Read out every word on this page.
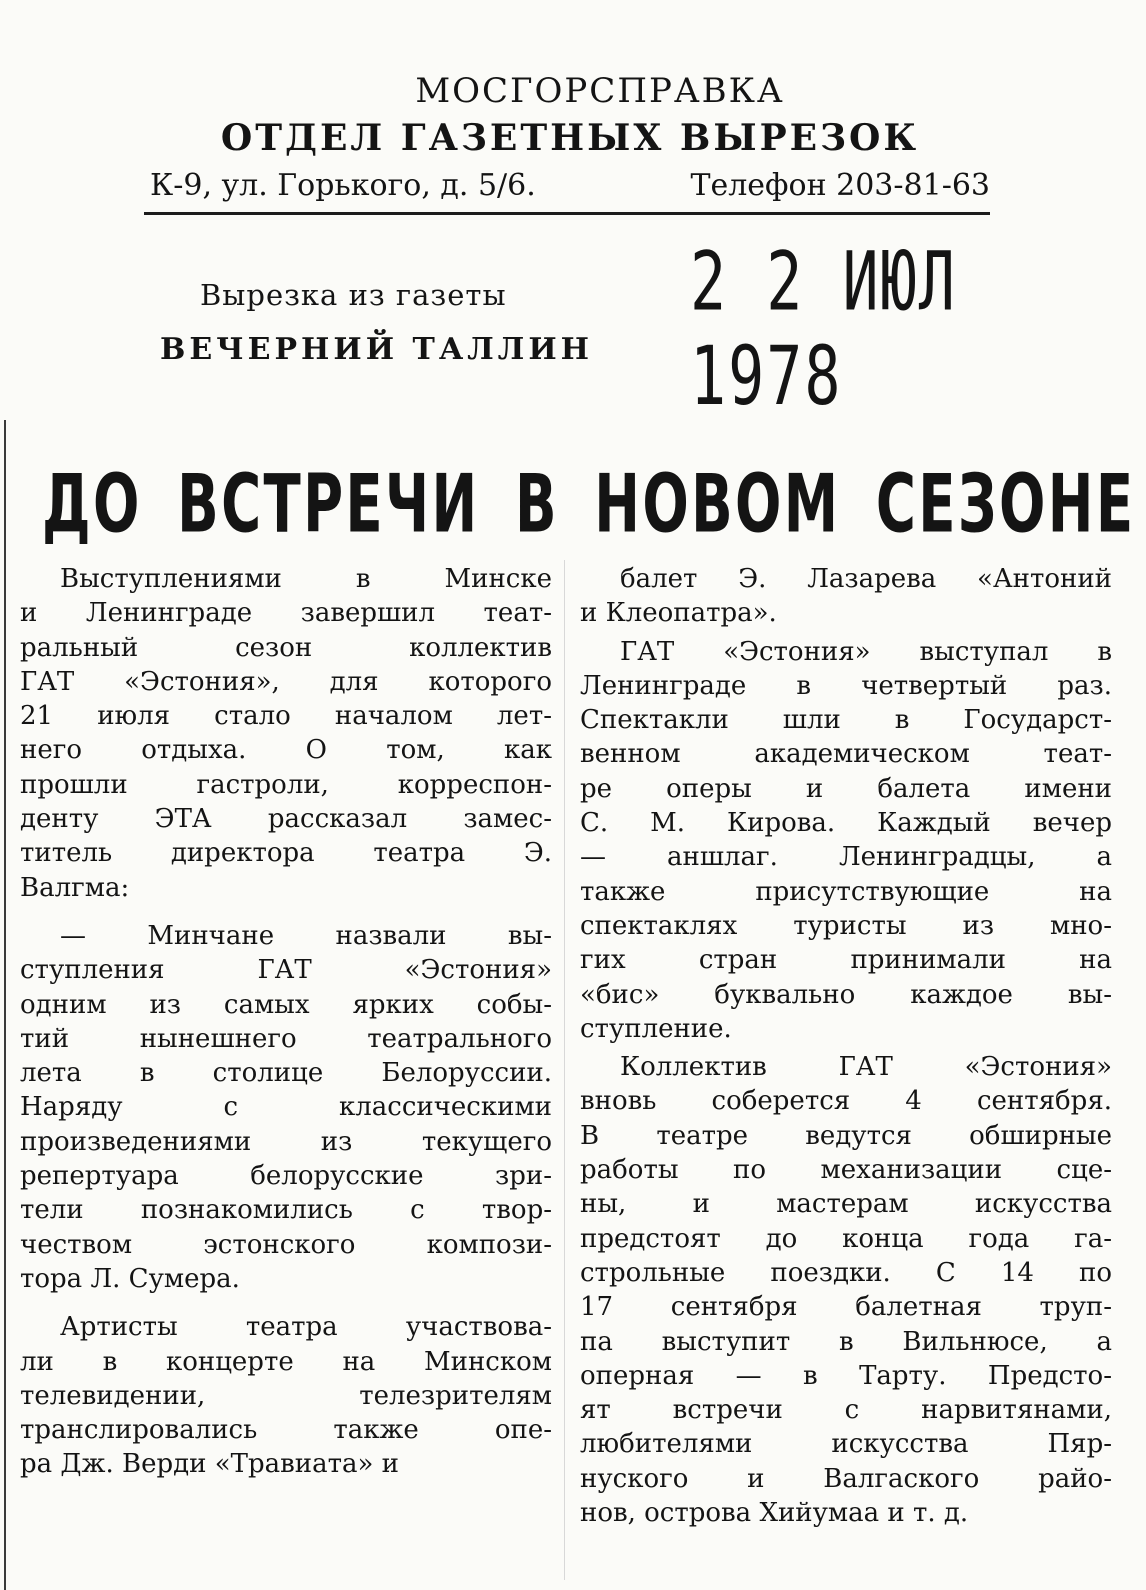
МОСГОРСПРАВКА
ОТДЕЛ ГАЗЕТНЫХ ВЫРЕЗОК
К-9, ул. Горького, д. 5/6.	Телефон 203-81-63
2 2 ИЮЛ 1978
Вырезка из газеты
ВЕЧЕРНИЙ ТАЛЛИН
ДО ВСТРЕЧИ В НОВОМ СЕЗОНЕ
Выступлениями в Минске
и Ленинграде завершил теат-
ральный сезон коллектив
ГАТ «Эстония», для которого
21 июля стало началом лет-
него отдыха. О том, как
прошли гастроли, корреспон-
денту ЭТА рассказал замес-
титель директора театра Э.
Валгма:
— Минчане назвали вы-
ступления ГАТ «Эстония»
одним из самых ярких собы-
тий нынешнего театрального
лета в столице Белоруссии.
Наряду с классическими
произведениями из текущего
репертуара белорусские зри-
тели познакомились с твор-
чеством эстонского компози-
тора Л. Сумера.
Артисты театра участвова-
ли в концерте на Минском
телевидении, телезрителям
транслировались также опе-
ра Дж. Верди «Травиата» и
балет Э. Лазарева «Антоний
и Клеопатра».
ГАТ «Эстония» выступал в
Ленинграде в четвертый раз.
Спектакли шли в Государст-
венном академическом теат-
ре оперы и балета имени
С. М. Кирова. Каждый вечер
— аншлаг. Ленинградцы, а
также присутствующие на
спектаклях туристы из мно-
гих стран принимали на
«бис» буквально каждое вы-
ступление.
Коллектив ГАТ «Эстония»
вновь соберется 4 сентября.
В театре ведутся обширные
работы по механизации сце-
ны, и мастерам искусства
предстоят до конца года га-
строльные поездки. С 14 по
17 сентября балетная труп-
па выступит в Вильнюсе, а
оперная — в Тарту. Предсто-
ят встречи с нарвитянами,
любителями искусства Пяр-
нуского и Валгаского райо-
нов, острова Хийумаа и т. д.
